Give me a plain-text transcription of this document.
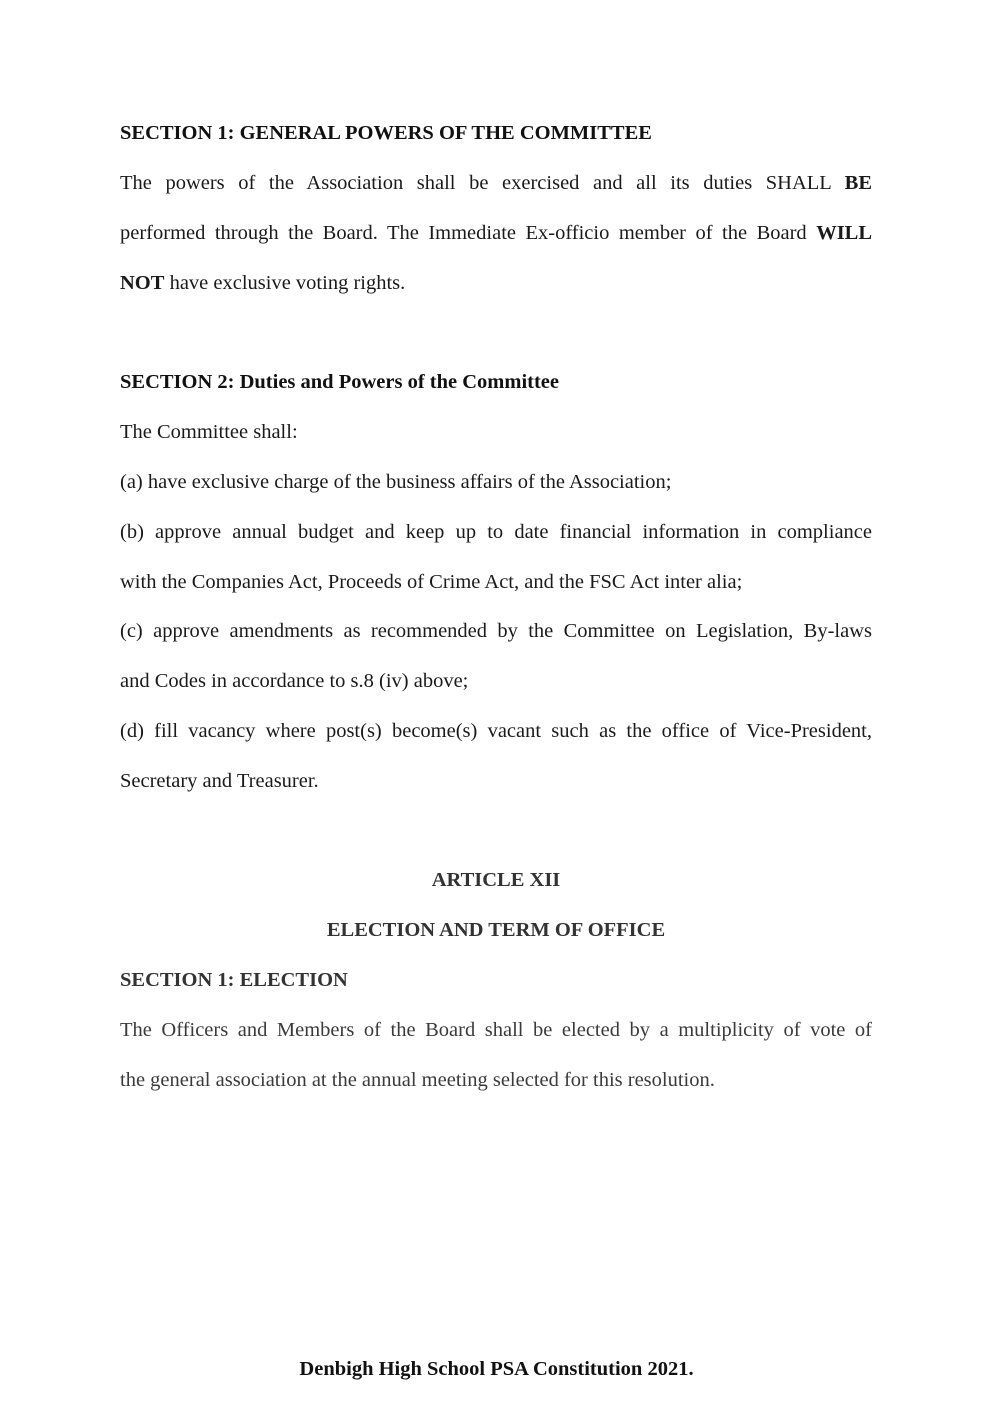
SECTION 1: GENERAL POWERS OF THE COMMITTEE
The powers of the Association shall be exercised and all its duties SHALL BE
performed through the Board. The Immediate Ex-officio member of the Board WILL
NOT have exclusive voting rights.
SECTION 2: Duties and Powers of the Committee
The Committee shall:
(a) have exclusive charge of the business affairs of the Association;
(b) approve annual budget and keep up to date financial information in compliance
with the Companies Act, Proceeds of Crime Act, and the FSC Act inter alia;
(c) approve amendments as recommended by the Committee on Legislation, By-laws
and Codes in accordance to s.8 (iv) above;
(d) fill vacancy where post(s) become(s) vacant such as the office of Vice-President,
Secretary and Treasurer.
ARTICLE XII
ELECTION AND TERM OF OFFICE
SECTION 1: ELECTION
The Officers and Members of the Board shall be elected by a multiplicity of vote of
the general association at the annual meeting selected for this resolution.
Denbigh High School PSA Constitution 2021.
